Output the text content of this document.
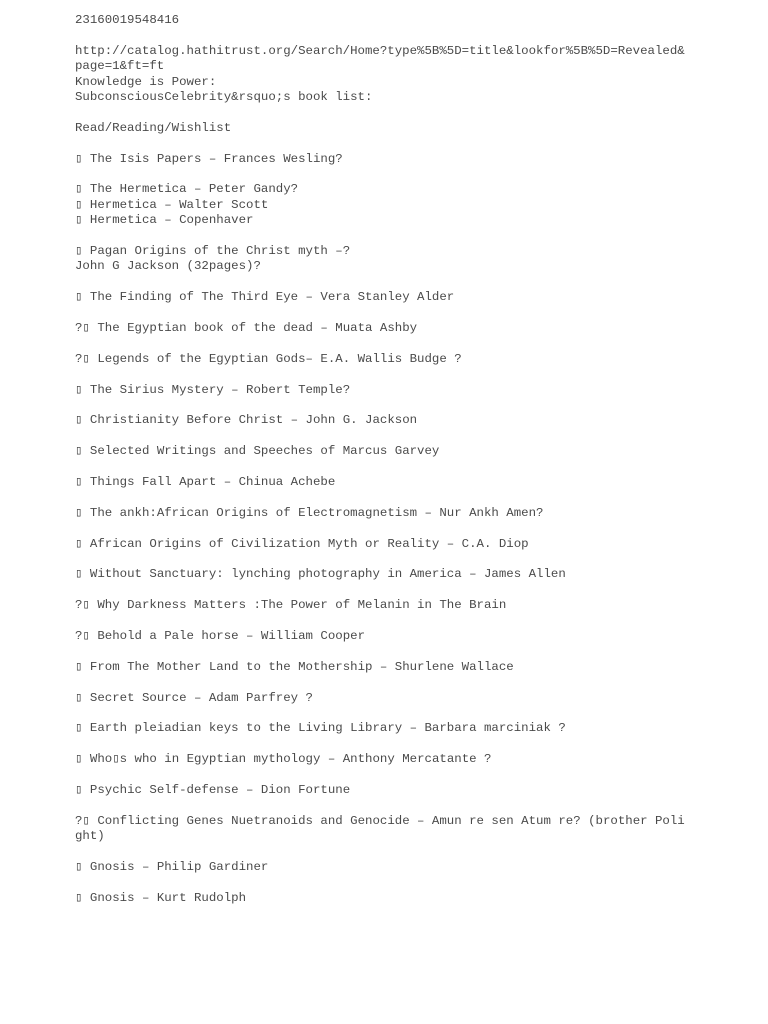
23160019548416
http://catalog.hathitrust.org/Search/Home?type%5B%5D=title&lookfor%5B%5D=Revealed&page=1&ft=ft
Knowledge is Power:
SubconsciousCelebrity&rsquo;s book list:
Read/Reading/Wishlist
▯ The Isis Papers – Frances Wesling?
▯ The Hermetica – Peter Gandy?
▯ Hermetica – Walter Scott
▯ Hermetica – Copenhaver
▯ Pagan Origins of the Christ myth –?
John G Jackson (32pages)?
▯ The Finding of The Third Eye – Vera Stanley Alder
?▯ The Egyptian book of the dead – Muata Ashby
?▯ Legends of the Egyptian Gods– E.A. Wallis Budge ?
▯ The Sirius Mystery – Robert Temple?
▯ Christianity Before Christ – John G. Jackson
▯ Selected Writings and Speeches of Marcus Garvey
▯ Things Fall Apart – Chinua Achebe
▯ The ankh:African Origins of Electromagnetism – Nur Ankh Amen?
▯ African Origins of Civilization Myth or Reality – C.A. Diop
▯ Without Sanctuary: lynching photography in America – James Allen
?▯ Why Darkness Matters :The Power of Melanin in The Brain
?▯ Behold a Pale horse – William Cooper
▯ From The Mother Land to the Mothership – Shurlene Wallace
▯ Secret Source – Adam Parfrey ?
▯ Earth pleiadian keys to the Living Library – Barbara marciniak ?
▯ Who▯s who in Egyptian mythology – Anthony Mercatante ?
▯ Psychic Self-defense – Dion Fortune
?▯ Conflicting Genes Nuetranoids and Genocide – Amun re sen Atum re? (brother Polight)
▯ Gnosis – Philip Gardiner
▯ Gnosis – Kurt Rudolph
